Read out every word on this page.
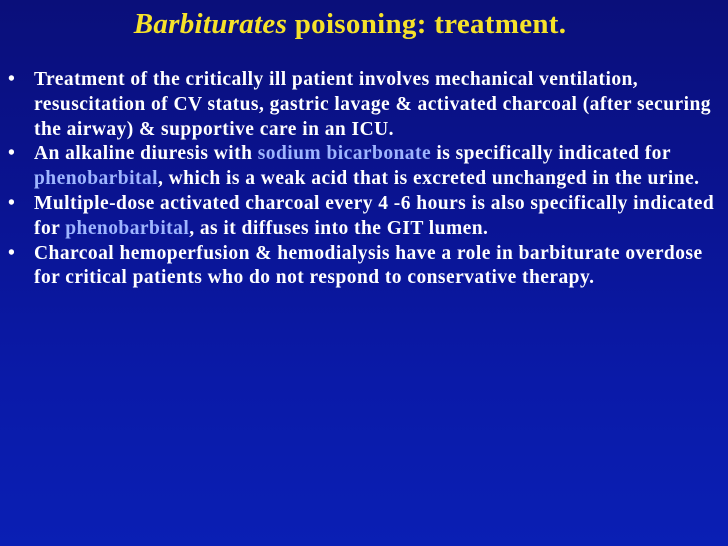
Barbiturates poisoning: treatment.
• Treatment of the critically ill patient involves mechanical ventilation, resuscitation of CV status, gastric lavage & activated charcoal (after securing the airway) & supportive care in an ICU.
• An alkaline diuresis with sodium bicarbonate is specifically indicated for phenobarbital, which is a weak acid that is excreted unchanged in the urine.
• Multiple-dose activated charcoal every 4 -6 hours is also specifically indicated for phenobarbital, as it diffuses into the GIT lumen.
• Charcoal hemoperfusion & hemodialysis have a role in barbiturate overdose for critical patients who do not respond to conservative therapy.
